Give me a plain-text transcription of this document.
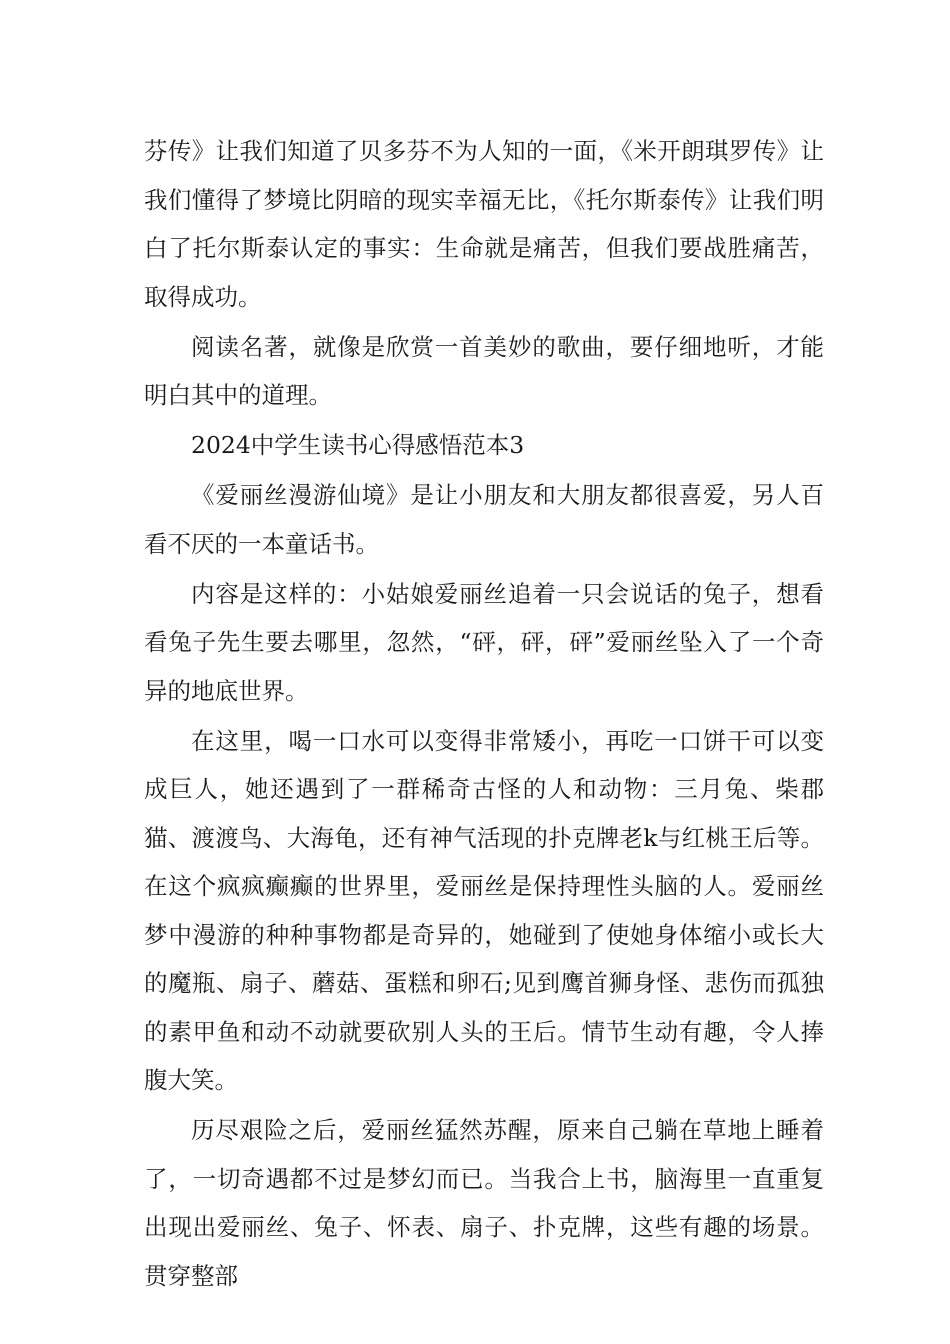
芬传》让我们知道了贝多芬不为人知的一面，《米开朗琪罗传》让我们懂得了梦境比阴暗的现实幸福无比，《托尔斯泰传》让我们明白了托尔斯泰认定的事实：生命就是痛苦，但我们要战胜痛苦，取得成功。

阅读名著，就像是欣赏一首美妙的歌曲，要仔细地听，才能明白其中的道理。

2024中学生读书心得感悟范本3

《爱丽丝漫游仙境》是让小朋友和大朋友都很喜爱，另人百看不厌的一本童话书。

内容是这样的：小姑娘爱丽丝追着一只会说话的兔子，想看看兔子先生要去哪里，忽然，“砰，砰，砰”爱丽丝坠入了一个奇异的地底世界。

在这里，喝一口水可以变得非常矮小，再吃一口饼干可以变成巨人，她还遇到了一群稀奇古怪的人和动物：三月兔、柴郡猫、渡渡鸟、大海龟，还有神气活现的扑克牌老k与红桃王后等。在这个疯疯癫癫的世界里，爱丽丝是保持理性头脑的人。爱丽丝梦中漫游的种种事物都是奇异的，她碰到了使她身体缩小或长大的魔瓶、扇子、蘑菇、蛋糕和卵石;见到鹰首狮身怪、悲伤而孤独的素甲鱼和动不动就要砍别人头的王后。情节生动有趣，令人捧腹大笑。

历尽艰险之后，爱丽丝猛然苏醒，原来自己躺在草地上睡着了，一切奇遇都不过是梦幻而已。当我合上书，脑海里一直重复出现出爱丽丝、兔子、怀表、扇子、扑克牌，这些有趣的场景。贯穿整部
